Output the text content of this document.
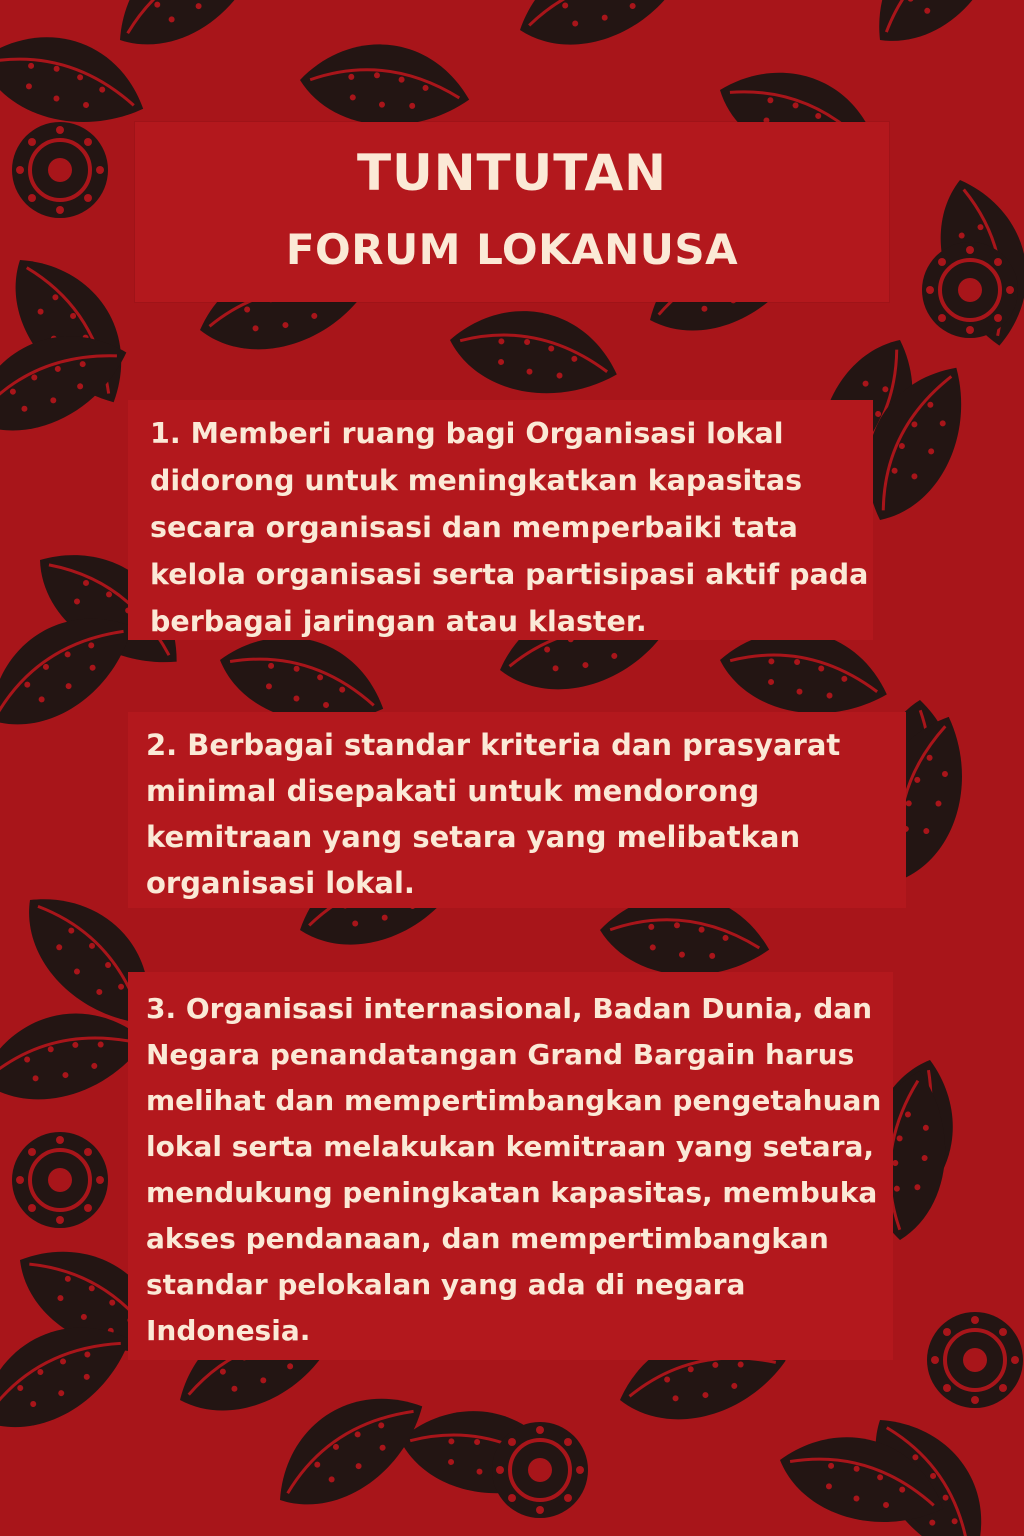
TUNTUTAN
FORUM LOKANUSA

1. Memberi ruang bagi Organisasi lokal didorong untuk meningkatkan kapasitas secara organisasi dan memperbaiki tata kelola organisasi serta partisipasi aktif pada berbagai jaringan atau klaster.

2. Berbagai standar kriteria dan prasyarat minimal disepakati untuk mendorong kemitraan yang setara yang melibatkan organisasi lokal.

3. Organisasi internasional, Badan Dunia, dan Negara penandatangan Grand Bargain harus melihat dan mempertimbangkan pengetahuan lokal serta melakukan kemitraan yang setara, mendukung peningkatan kapasitas, membuka akses pendanaan, dan mempertimbangkan standar pelokalan yang ada di negara Indonesia.
